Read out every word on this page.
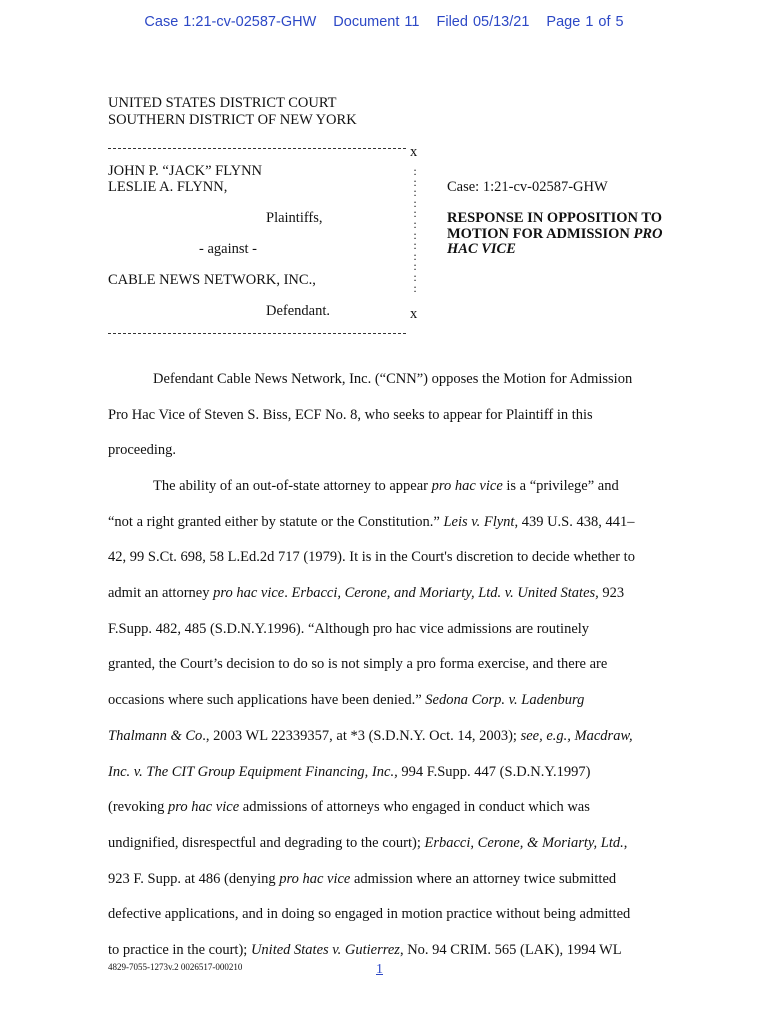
Case 1:21-cv-02587-GHW Document 11 Filed 05/13/21 Page 1 of 5
UNITED STATES DISTRICT COURT
SOUTHERN DISTRICT OF NEW YORK
x
x
:
:
:
:
:
:
:
:
:
:
:
:
JOHN P. “JACK” FLYNN
LESLIE A. FLYNN,
Plaintiffs,
- against -
CABLE NEWS NETWORK, INC.,
Defendant.
Case: 1:21-cv-02587-GHW
RESPONSE IN OPPOSITION TO
MOTION FOR ADMISSION PRO
HAC VICE
Defendant Cable News Network, Inc. (“CNN”) opposes the Motion for Admission
Pro Hac Vice of Steven S. Biss, ECF No. 8, who seeks to appear for Plaintiff in this
proceeding.
The ability of an out-of-state attorney to appear pro hac vice is a “privilege” and
“not a right granted either by statute or the Constitution.” Leis v. Flynt, 439 U.S. 438, 441–
42, 99 S.Ct. 698, 58 L.Ed.2d 717 (1979). It is in the Court's discretion to decide whether to
admit an attorney pro hac vice. Erbacci, Cerone, and Moriarty, Ltd. v. United States, 923
F.Supp. 482, 485 (S.D.N.Y.1996). “Although pro hac vice admissions are routinely
granted, the Court’s decision to do so is not simply a pro forma exercise, and there are
occasions where such applications have been denied.” Sedona Corp. v. Ladenburg
Thalmann & Co., 2003 WL 22339357, at *3 (S.D.N.Y. Oct. 14, 2003); see, e.g., Macdraw,
Inc. v. The CIT Group Equipment Financing, Inc., 994 F.Supp. 447 (S.D.N.Y.1997)
(revoking pro hac vice admissions of attorneys who engaged in conduct which was
undignified, disrespectful and degrading to the court); Erbacci, Cerone, & Moriarty, Ltd.,
923 F. Supp. at 486 (denying pro hac vice admission where an attorney twice submitted
defective applications, and in doing so engaged in motion practice without being admitted
to practice in the court); United States v. Gutierrez, No. 94 CRIM. 565 (LAK), 1994 WL
4829-7055-1273v.2 0026517-000210	1
